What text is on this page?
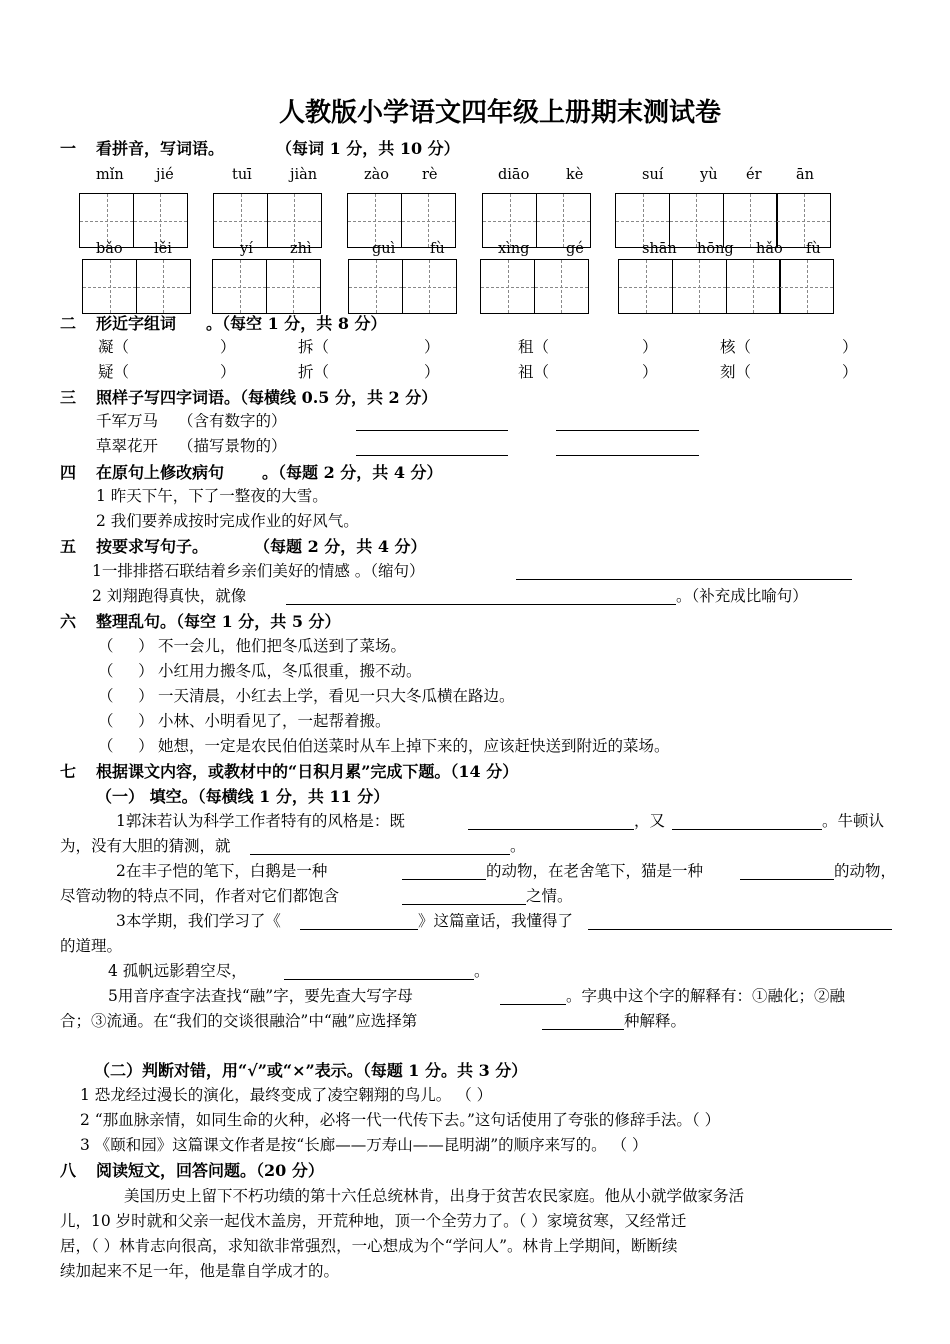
人教版小学语文四年级上册期末测试卷
一 看拼音，写词语。	（每词 1 分，共 10 分）
mǐn jié	tuī	jiàn	zào rè	diāo	kè	suí	yù ér ān
bǎo lěi	yí	zhì	guì fù	xìng	gé	shān hōng hǎo fù
二 形近字组词 。（每空 1 分，共 8 分）
凝（	）	拆（	）	租（	）	核（	）
疑（	）	折（	）	祖（	）	刻（	）
三 照样子写四字词语。（每横线 0.5 分，共 2 分）
千军万马 （含有数字的）
草翠花开 （描写景物的）
四 在原句上修改病句 。（每题 2 分，共 4 分）
1 昨天下午，下了一整夜的大雪。
2 我们要养成按时完成作业的好风气。
五 按要求写句子。	（每题 2 分，共 4 分）
1一排排搭石联结着乡亲们美好的情感 。（缩句）
2 刘翔跑得真快，就像	。（补充成比喻句）
六 整理乱句。（每空 1 分，共 5 分）
（     ） 不一会儿，他们把冬瓜送到了菜场。
（     ） 小红用力搬冬瓜，冬瓜很重，搬不动。
（     ） 一天清晨，小红去上学，看见一只大冬瓜横在路边。
（     ） 小林、小明看见了，一起帮着搬。
（     ） 她想，一定是农民伯伯送菜时从车上掉下来的，应该赶快送到附近的菜场。
七 根据课文内容，或教材中的“日积月累”完成下题。（14 分）
（一） 填空。（每横线 1 分，共 11 分）
1郭沫若认为科学工作者特有的风格是：既	，又	。牛顿认
为，没有大胆的猜测，就	。
2在丰子恺的笔下，白鹅是一种	的动物，在老舍笔下，猫是一种	的动物，
尽管动物的特点不同，作者对它们都饱含	之情。
3本学期，我们学习了《	》这篇童话，我懂得了
的道理。
4 孤帆远影碧空尽，	。
5用音序查字法查找“融”字，要先查大写字母	。字典中这个字的解释有：①融化；②融
合；③流通。在“我们的交谈很融洽”中“融”应选择第	种解释。
（二）判断对错，用“√”或“×”表示。（每题 1 分。共 3 分）
1 恐龙经过漫长的演化，最终变成了凌空翱翔的鸟儿。 （ ）
2 “那血脉亲情，如同生命的火种，必将一代一代传下去。”这句话使用了夸张的修辞手法。（ ）
3 《颐和园》这篇课文作者是按“长廊——万寿山——昆明湖”的顺序来写的。 （ ）
八 阅读短文，回答问题。（20 分）
美国历史上留下不朽功绩的第十六任总统林肯，出身于贫苦农民家庭。他从小就学做家务活
儿，10 岁时就和父亲一起伐木盖房，开荒种地，顶一个全劳力了。（ ）家境贫寒，又经常迁
居，（ ）林肯志向很高，求知欲非常强烈，一心想成为个“学问人”。林肯上学期间，断断续
续加起来不足一年，他是靠自学成才的。
